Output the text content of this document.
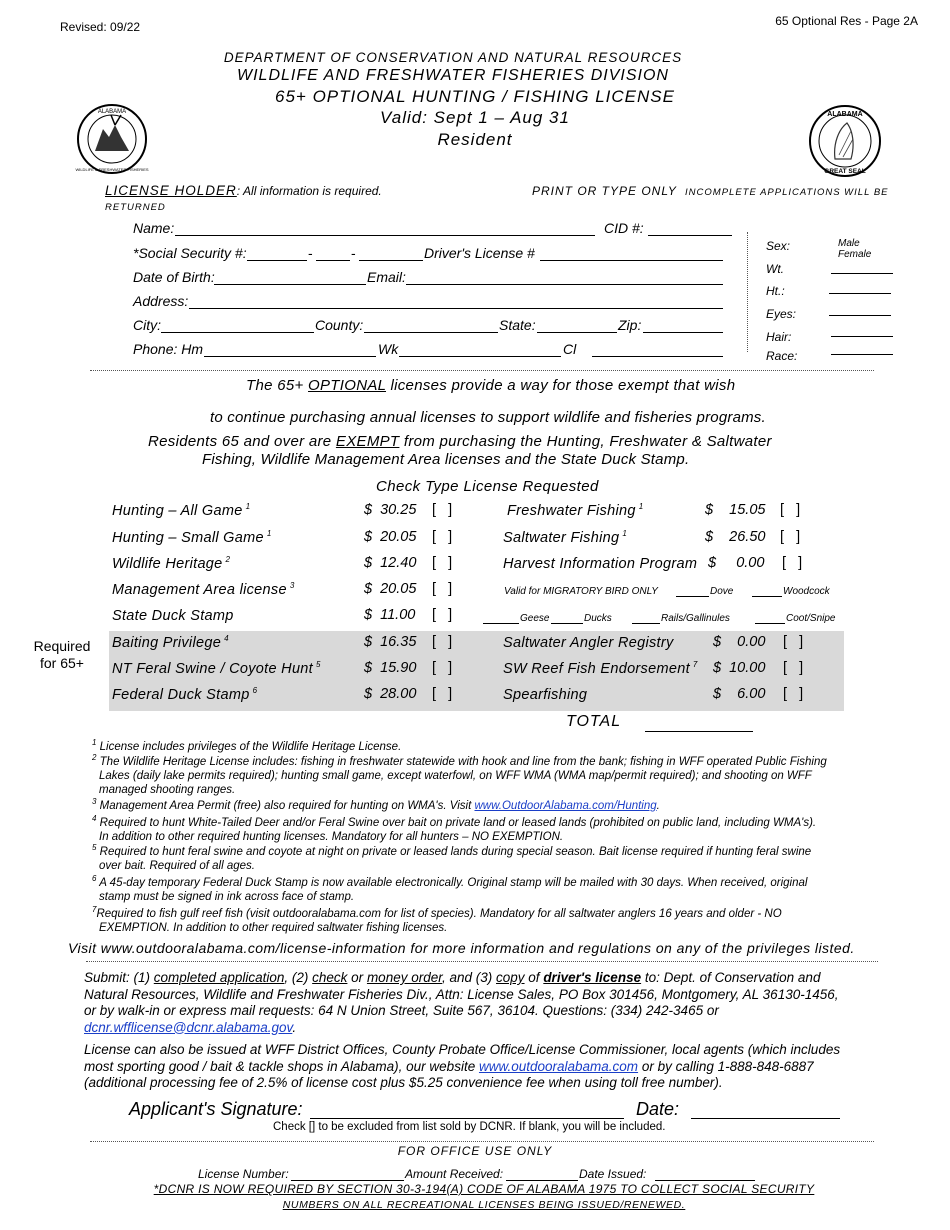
Revised: 09/22	65 Optional Res - Page 2A
DEPARTMENT OF CONSERVATION AND NATURAL RESOURCES
WILDLIFE AND FRESHWATER FISHERIES DIVISION
65+ OPTIONAL HUNTING / FISHING LICENSE
Valid: Sept 1 – Aug 31
Resident
ALABAMA
WILDLIFE & FRESHWATER FISHERIES
ALABAMA
GREAT SEAL
LICENSE HOLDER: All information is required.	PRINT OR TYPE ONLY INCOMPLETE APPLICATIONS WILL BE
RETURNED
Name:	CID #:
*Social Security #:	-	-	Driver's License #
Date of Birth:	Email:
Address:
City:	County:	State:	Zip:
Phone: Hm	Wk	Cl
Sex:	Male
Female
Wt.
Ht.:
Eyes:
Hair:
Race:
The 65+ OPTIONAL licenses provide a way for those exempt that wish
to continue purchasing annual licenses to support wildlife and fisheries programs.
Residents 65 and over are EXEMPT from purchasing the Hunting, Freshwater & Saltwater
Fishing, Wildlife Management Area licenses and the State Duck Stamp.
Check Type License Requested
Required
for 65+
Hunting – All Game $^1$	$  30.25 [   ]
Hunting – Small Game $^1$	$  20.05 [   ]
Wildlife Heritage $^2$	$  12.40 [   ]
Management Area license $^3$	$  20.05 [   ]
State Duck Stamp	$  11.00 [   ]
Baiting Privilege $^4$	$  16.35 [   ]
NT Feral Swine / Coyote Hunt $^5$	$  15.90 [   ]
Federal Duck Stamp $^6$	$  28.00 [   ]
Freshwater Fishing $^1$	$    15.05 [   ]
Saltwater Fishing $^1$	$    26.50 [   ]
Harvest Information Program $     0.00 [   ]
Saltwater Angler Registry	$    0.00 [   ]
SW Reef Fish Endorsement $^7$ $  10.00 [   ]
Spearfishing	$    6.00 [   ]
Valid for MIGRATORY BIRD ONLY	Dove	Woodcock
Geese	Ducks	Rails/Gallinules	Coot/Snipe
TOTAL
$^1$ License includes privileges of the Wildlife Heritage License.
$^2$ The Wildlife Heritage License includes: fishing in freshwater statewide with hook and line from the bank; fishing in WFF operated Public Fishing
Lakes (daily lake permits required); hunting small game, except waterfowl, on WFF WMA (WMA map/permit required); and shooting on WFF
managed shooting ranges.
$^3$ Management Area Permit (free) also required for hunting on WMA's. Visit www.OutdoorAlabama.com/Hunting.
$^4$ Required to hunt White-Tailed Deer and/or Feral Swine over bait on private land or leased lands (prohibited on public land, including WMA's).
In addition to other required hunting licenses. Mandatory for all hunters – NO EXEMPTION.
$^5$ Required to hunt feral swine and coyote at night on private or leased lands during special season. Bait license required if hunting feral swine
over bait. Required of all ages.
$^6$ A 45-day temporary Federal Duck Stamp is now available electronically. Original stamp will be mailed with 30 days. When received, original
stamp must be signed in ink across face of stamp.
$^7$Required to fish gulf reef fish (visit outdooralabama.com for list of species). Mandatory for all saltwater anglers 16 years and older - NO
EXEMPTION. In addition to other required saltwater fishing licenses.
Visit www.outdooralabama.com/license-information for more information and regulations on any of the privileges listed.
Submit: (1) completed application, (2) check or money order, and (3) copy of driver's license to: Dept. of Conservation and
Natural Resources, Wildlife and Freshwater Fisheries Div., Attn: License Sales, PO Box 301456, Montgomery, AL 36130-1456,
or by walk-in or express mail requests: 64 N Union Street, Suite 567, 36104. Questions: (334) 242-3465 or
dcnr.wfflicense@dcnr.alabama.gov.
License can also be issued at WFF District Offices, County Probate Office/License Commissioner, local agents (which includes
most sporting good / bait & tackle shops in Alabama), our website www.outdooralabama.com or by calling 1-888-848-6887
(additional processing fee of 2.5% of license cost plus $5.25 convenience fee when using toll free number).
Applicant's Signature:	Date:
Check [] to be excluded from list sold by DCNR. If blank, you will be included.
FOR OFFICE USE ONLY
License Number:	Amount Received:	Date Issued:
*DCNR IS NOW REQUIRED BY SECTION 30-3-194(A) CODE OF ALABAMA 1975 TO COLLECT SOCIAL SECURITY
NUMBERS ON ALL RECREATIONAL LICENSES BEING ISSUED/RENEWED.
